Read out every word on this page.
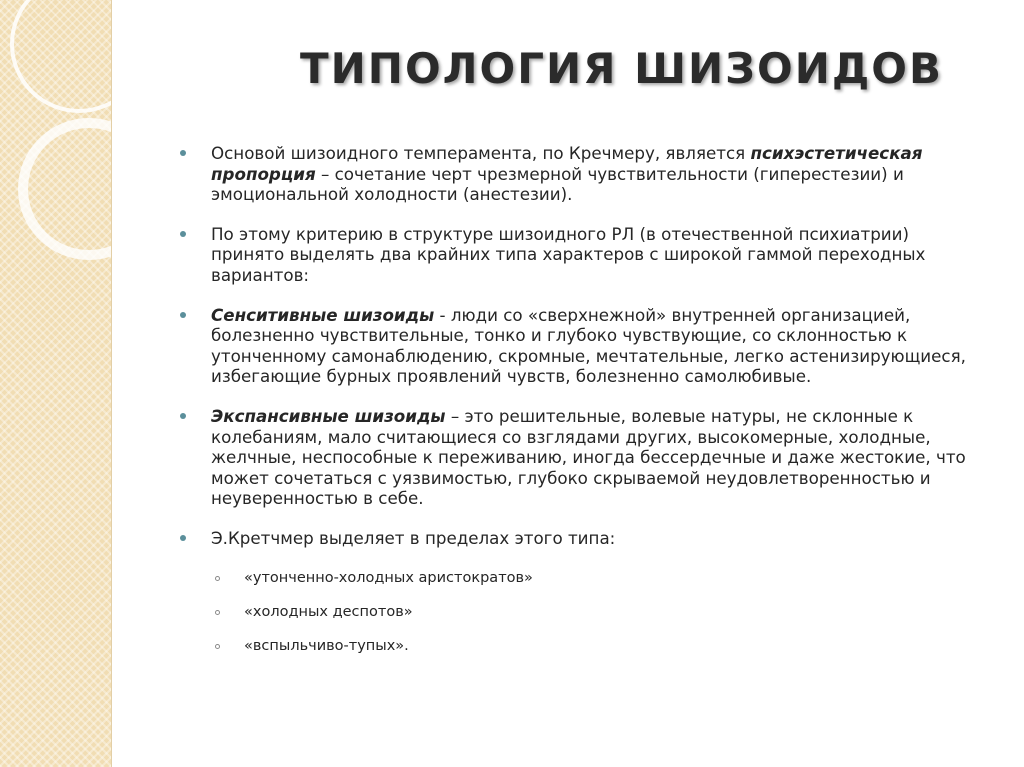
ТИПОЛОГИЯ ШИЗОИДОВ
Основой шизоидного темперамента, по Кречмеру, является психэстетическая пропорция – сочетание черт чрезмерной чувствительности (гиперестезии) и эмоциональной холодности (анестезии).
По этому критерию в структуре шизоидного РЛ (в отечественной психиатрии) принято выделять два крайних типа характеров с широкой гаммой переходных вариантов:
Сенситивные шизоиды - люди со «сверхнежной» внутренней организацией, болезненно чувствительные, тонко и глубоко чувствующие, со склонностью к утонченному самонаблюдению, скромные, мечтательные, легко астенизирующиеся, избегающие бурных проявлений чувств, болезненно самолюбивые.
Экспансивные шизоиды – это решительные, волевые натуры, не склонные к колебаниям, мало считающиеся со взглядами других, высокомерные, холодные, желчные, неспособные к переживанию, иногда бессердечные и даже жестокие, что может сочетаться с уязвимостью, глубоко скрываемой неудовлетворенностью и неуверенностью в себе.
Э.Кретчмер выделяет в пределах этого типа:
«утонченно-холодных аристократов»
«холодных деспотов»
«вспыльчиво-тупых».
